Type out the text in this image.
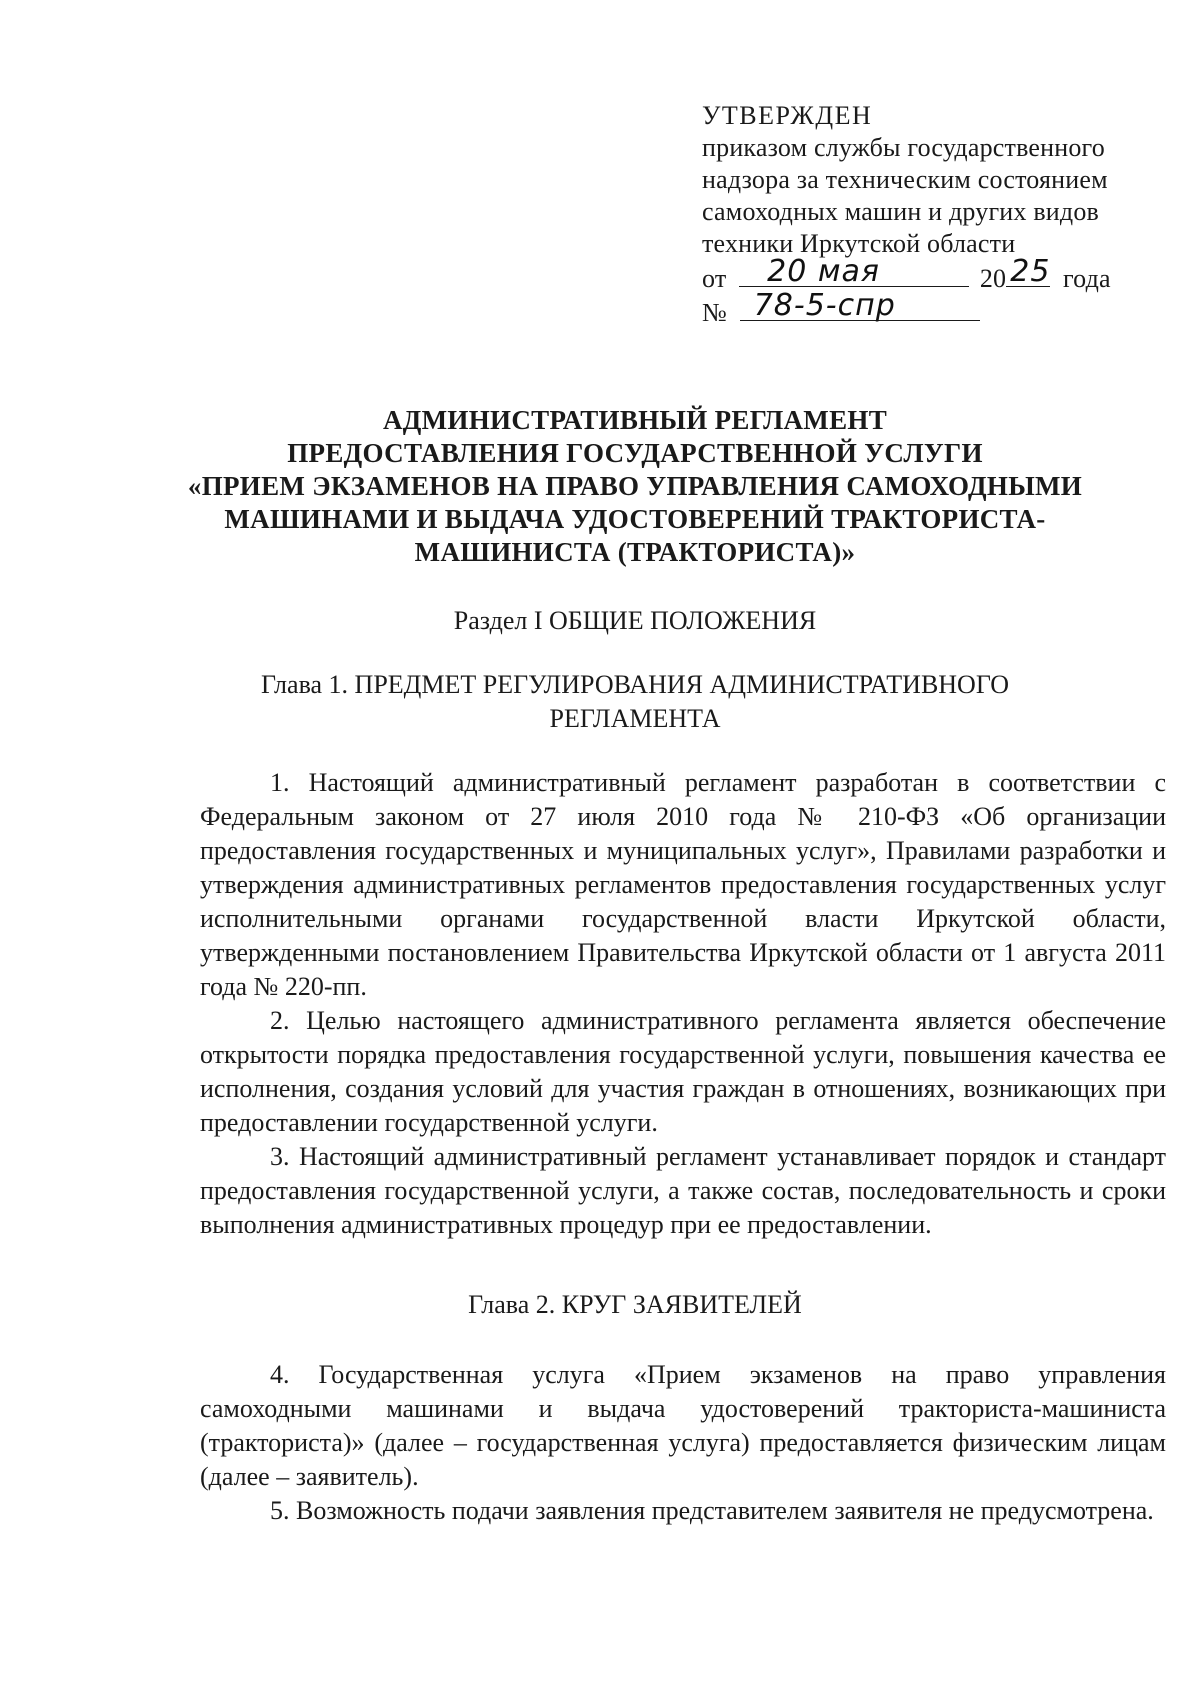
УТВЕРЖДЕН
приказом службы государственного
надзора за техническим состоянием
самоходных машин и других видов
техники Иркутской области
от 20 мая	20 25 года
№ 78-5-спр
АДМИНИСТРАТИВНЫЙ РЕГЛАМЕНТ
ПРЕДОСТАВЛЕНИЯ ГОСУДАРСТВЕННОЙ УСЛУГИ
«ПРИЕМ ЭКЗАМЕНОВ НА ПРАВО УПРАВЛЕНИЯ САМОХОДНЫМИ
МАШИНАМИ И ВЫДАЧА УДОСТОВЕРЕНИЙ ТРАКТОРИСТА-
МАШИНИСТА (ТРАКТОРИСТА)»
Раздел I ОБЩИЕ ПОЛОЖЕНИЯ
Глава 1. ПРЕДМЕТ РЕГУЛИРОВАНИЯ АДМИНИСТРАТИВНОГО
РЕГЛАМЕНТА

1. Настоящий административный регламент разработан в соответствии с Федеральным законом от 27 июля 2010 года № 210-ФЗ «Об организации предоставления государственных и муниципальных услуг», Правилами разработки и утверждения административных регламентов предоставления государственных услуг исполнительными органами государственной власти Иркутской области, утвержденными постановлением Правительства Иркутской области от 1 августа 2011 года № 220-пп.

2. Целью настоящего административного регламента является обеспечение открытости порядка предоставления государственной услуги, повышения качества ее исполнения, создания условий для участия граждан в отношениях, возникающих при предоставлении государственной услуги.

3. Настоящий административный регламент устанавливает порядок и стандарт предоставления государственной услуги, а также состав, последовательность и сроки выполнения административных процедур при ее предоставлении.

Глава 2. КРУГ ЗАЯВИТЕЛЕЙ

4. Государственная услуга «Прием экзаменов на право управления самоходными машинами и выдача удостоверений тракториста-машиниста (тракториста)» (далее – государственная услуга) предоставляется физическим лицам (далее – заявитель).

5. Возможность подачи заявления представителем заявителя не предусмотрена.
